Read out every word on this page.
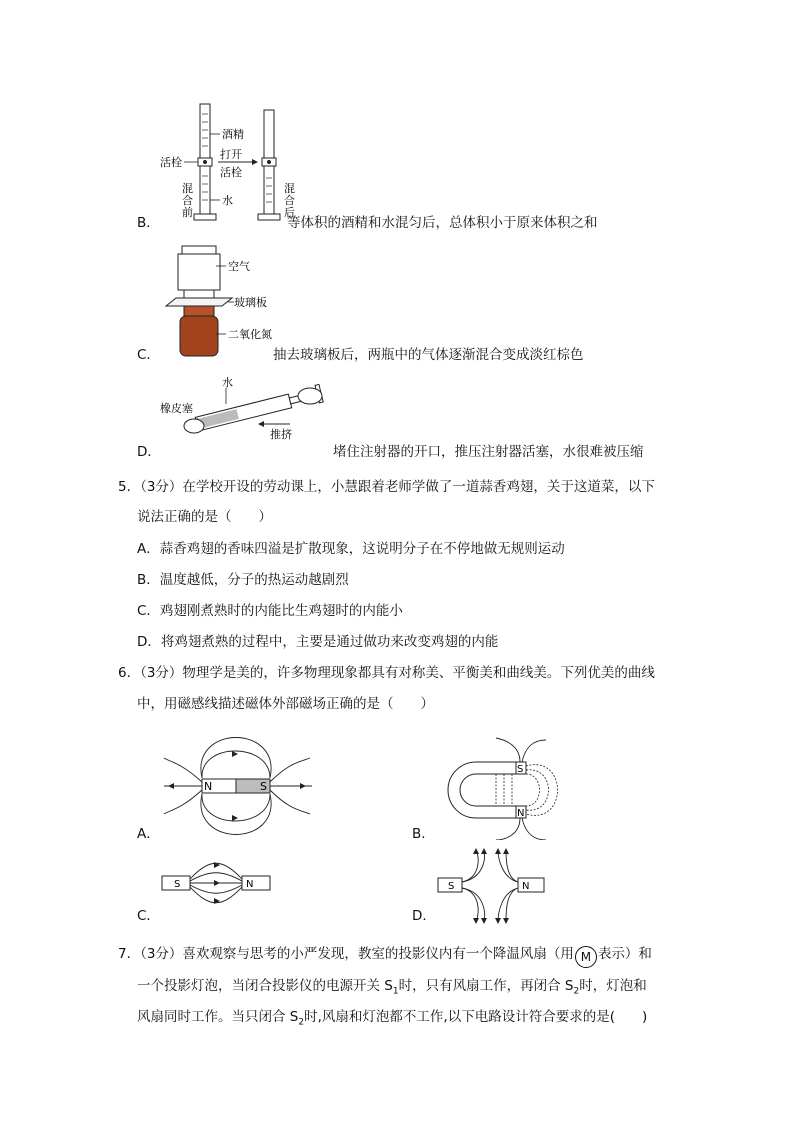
酒精
活栓
打开
活栓
水
混
合
前
混
合
后
B．	等体积的酒精和水混匀后，总体积小于原来体积之和
空气
玻璃板
二氧化氮
C．	抽去玻璃板后，两瓶中的气体逐渐混合变成淡红棕色
水
橡皮塞
推挤
D．	堵住注射器的开口，推压注射器活塞，水很难被压缩
5．（3分）在学校开设的劳动课上，小慧跟着老师学做了一道蒜香鸡翅，关于这道菜，以下
说法正确的是（　　）
A．蒜香鸡翅的香味四溢是扩散现象，这说明分子在不停地做无规则运动
B．温度越低，分子的热运动越剧烈
C．鸡翅刚煮熟时的内能比生鸡翅时的内能小
D．将鸡翅煮熟的过程中，主要是通过做功来改变鸡翅的内能
6．（3分）物理学是美的，许多物理现象都具有对称美、平衡美和曲线美。下列优美的曲线
中，用磁感线描述磁体外部磁场正确的是（　　）
N	S
A．
S
N
B．
S	N
C．
S	N
D．
7．（3分）喜欢观察与思考的小严发现，教室的投影仪内有一个降温风扇（用 M 表示）和
一个投影灯泡，当闭合投影仪的电源开关 $S_1$时，只有风扇工作，再闭合 $S_2$时，灯泡和
风扇同时工作。当只闭合 $S_2$时,风扇和灯泡都不工作,以下电路设计符合要求的是(　　)
